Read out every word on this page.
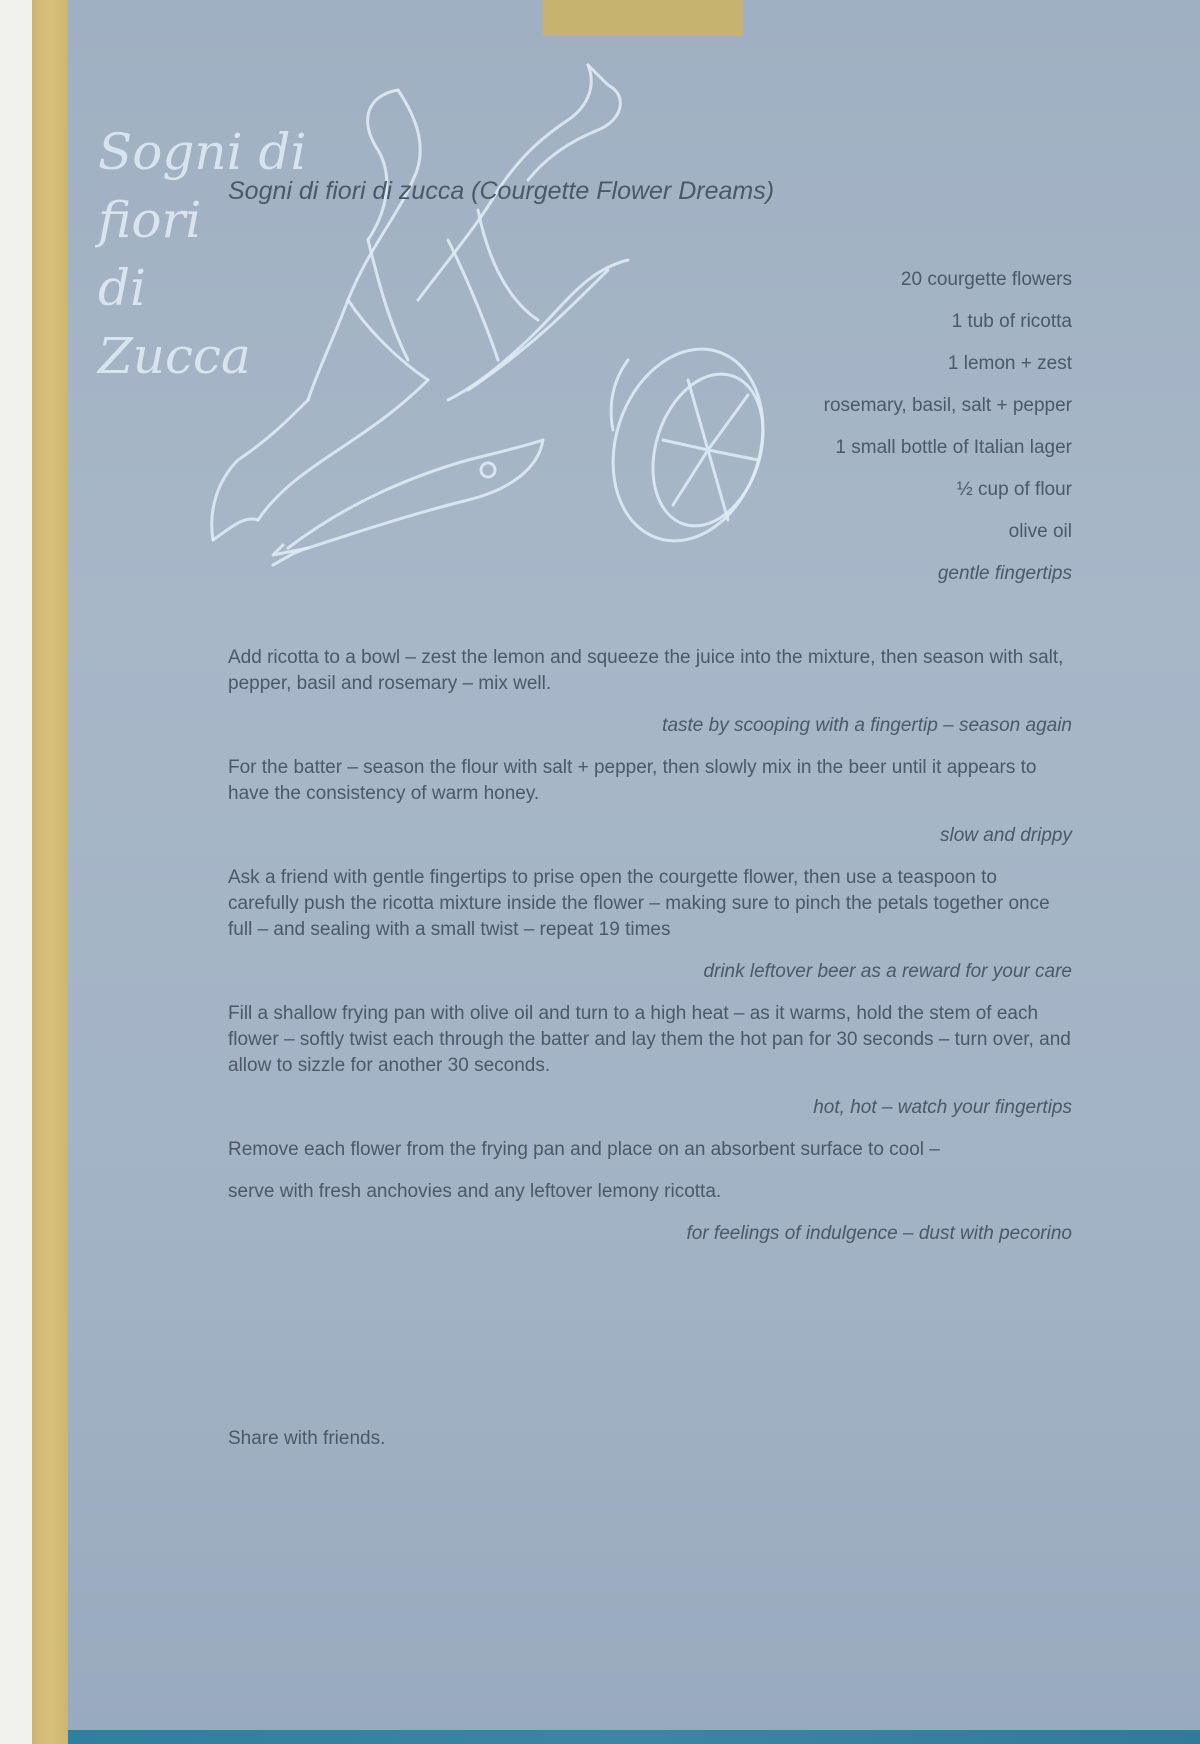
Sogni di
fiori
di
Zucca
Sogni di fiori di zucca (Courgette Flower Dreams)
20 courgette flowers
1 tub of ricotta
1 lemon + zest
rosemary, basil, salt + pepper
1 small bottle of Italian lager
½ cup of flour
olive oil
gentle fingertips

Add ricotta to a bowl – zest the lemon and squeeze the juice into the mixture, then season with salt, pepper, basil and rosemary – mix well.

taste by scooping with a fingertip – season again

For the batter – season the flour with salt + pepper, then slowly mix in the beer until it appears to have the consistency of warm honey.

slow and drippy

Ask a friend with gentle fingertips to prise open the courgette flower, then use a teaspoon to carefully push the ricotta mixture inside the flower – making sure to pinch the petals together once full – and sealing with a small twist – repeat 19 times

drink leftover beer as a reward for your care

Fill a shallow frying pan with olive oil and turn to a high heat – as it warms, hold the stem of each flower – softly twist each through the batter and lay them the hot pan for 30 seconds – turn over, and allow to sizzle for another 30 seconds.

hot, hot – watch your fingertips

Remove each flower from the frying pan and place on an absorbent surface to cool –

serve with fresh anchovies and any leftover lemony ricotta.

for feelings of indulgence – dust with pecorino

Share with friends.
